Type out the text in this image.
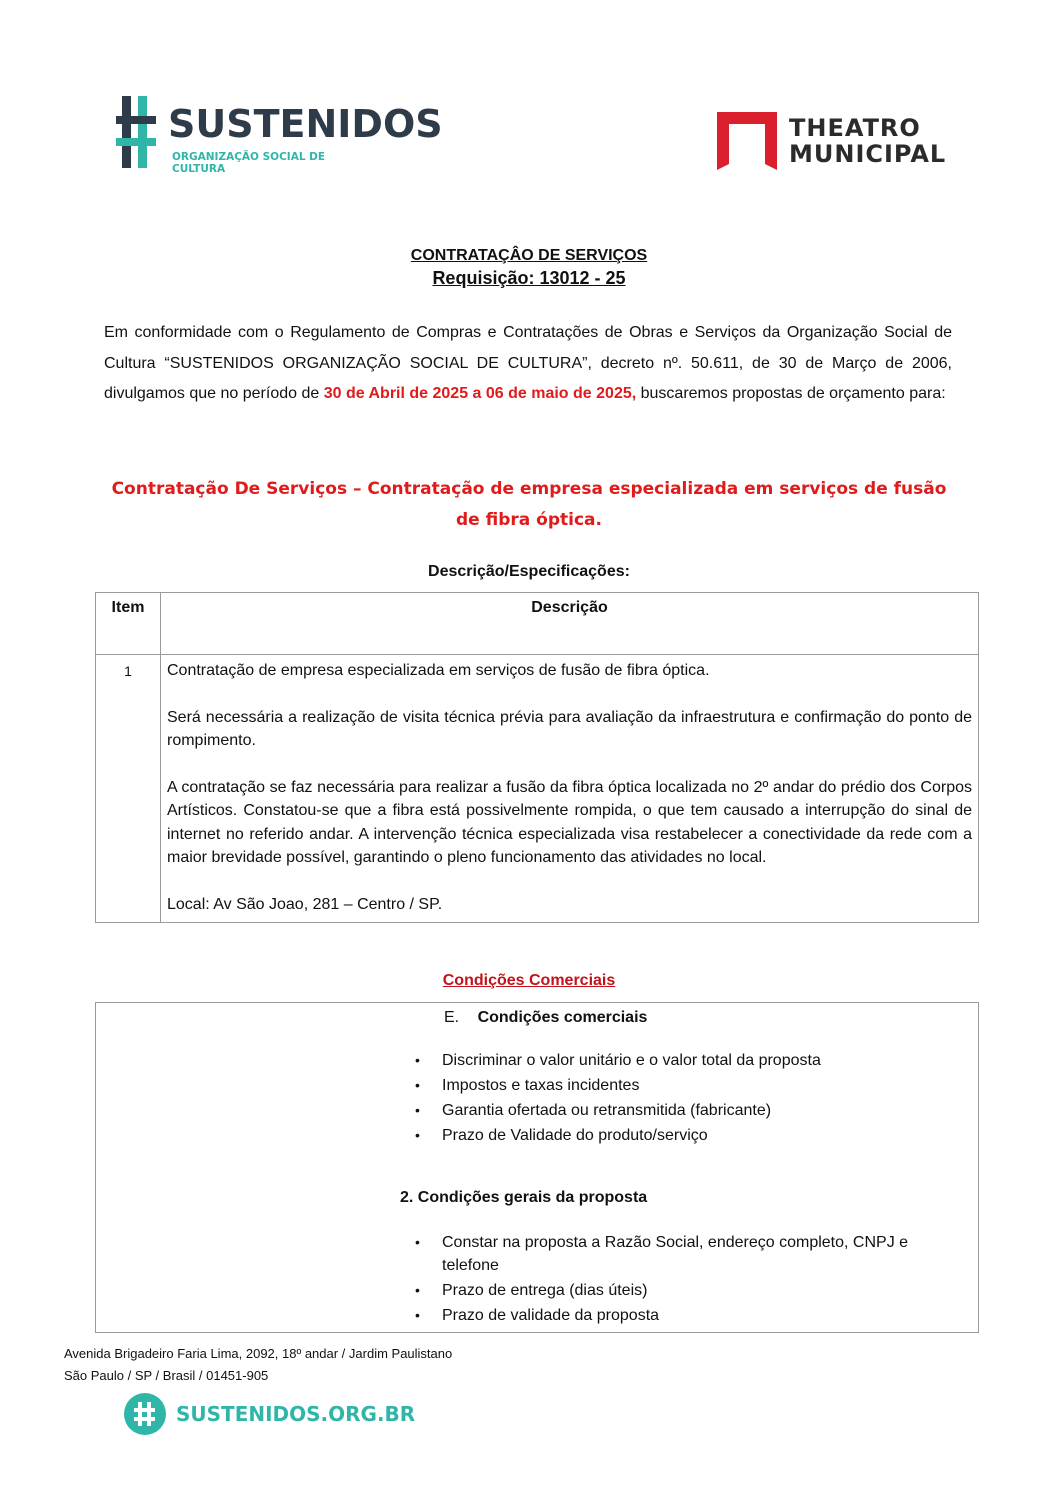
SUSTENIDOS
ORGANIZAÇÃO SOCIAL DE CULTURA
THEATRO
MUNICIPAL
CONTRATAÇÂO DE SERVIÇOS
Requisição: 13012 - 25
Em conformidade com o Regulamento de Compras e Contratações de Obras e Serviços da Organização Social de Cultura “SUSTENIDOS ORGANIZAÇÃO SOCIAL DE CULTURA”, decreto nº. 50.611, de 30 de Março de 2006, divulgamos que no período de 30 de Abril de 2025 a 06 de maio de 2025, buscaremos propostas de orçamento para:
Contratação De Serviços – Contratação de empresa especializada em serviços de fusão de fibra óptica.
Descrição/Especificações:
Item	Descrição
1	Contratação de empresa especializada em serviços de fusão de fibra óptica.

Será necessária a realização de visita técnica prévia para avaliação da infraestrutura e confirmação do ponto de rompimento.

A contratação se faz necessária para realizar a fusão da fibra óptica localizada no 2º andar do prédio dos Corpos Artísticos. Constatou-se que a fibra está possivelmente rompida, o que tem causado a interrupção do sinal de internet no referido andar. A intervenção técnica especializada visa restabelecer a conectividade da rede com a maior brevidade possível, garantindo o pleno funcionamento das atividades no local.

Local: Av São Joao, 281 – Centro / SP.

Condições Comerciais
E. Condições comerciais
• Discriminar o valor unitário e o valor total da proposta
• Impostos e taxas incidentes
• Garantia ofertada ou retransmitida (fabricante)
• Prazo de Validade do produto/serviço
2. Condições gerais da proposta
• Constar na proposta a Razão Social, endereço completo, CNPJ e telefone
• Prazo de entrega (dias úteis)
• Prazo de validade da proposta
Avenida Brigadeiro Faria Lima, 2092, 18º andar / Jardim Paulistano
São Paulo / SP / Brasil / 01451-905
SUSTENIDOS.ORG.BR
